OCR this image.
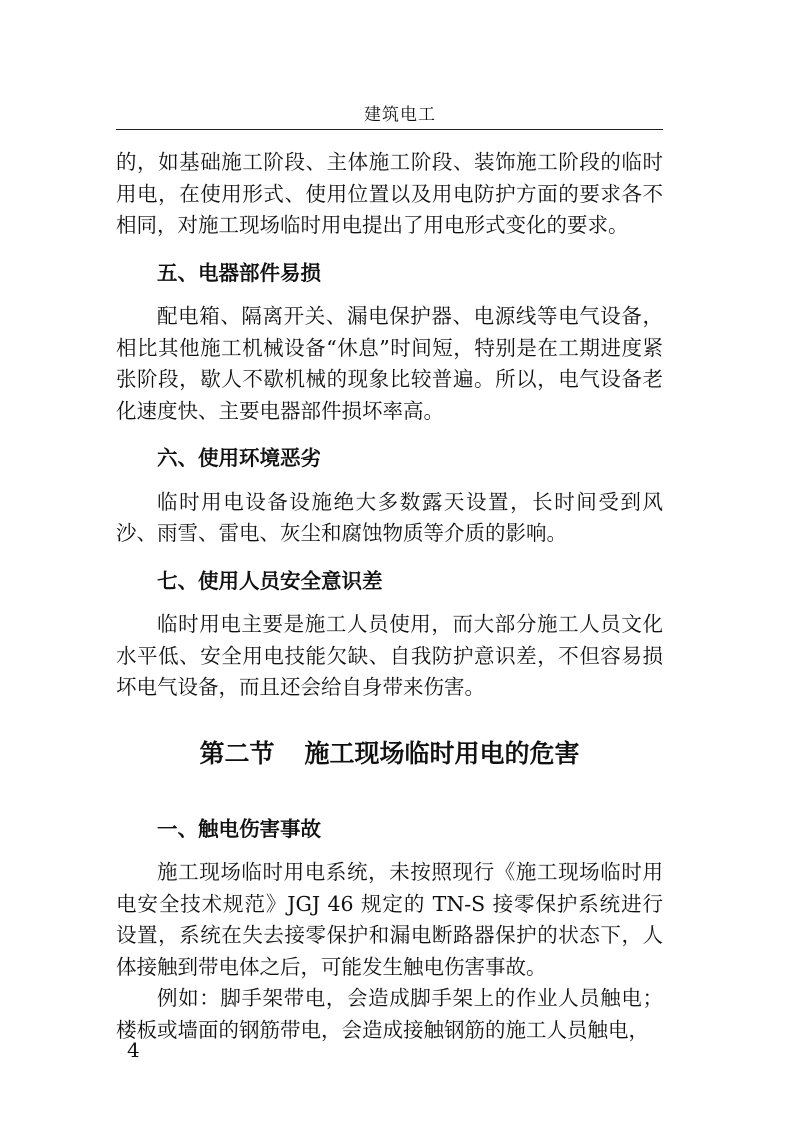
建筑电工

的，如基础施工阶段、主体施工阶段、装饰施工阶段的临时用电，在使用形式、使用位置以及用电防护方面的要求各不相同，对施工现场临时用电提出了用电形式变化的要求。

五、电器部件易损

配电箱、隔离开关、漏电保护器、电源线等电气设备，相比其他施工机械设备“休息”时间短，特别是在工期进度紧张阶段，歇人不歇机械的现象比较普遍。所以，电气设备老化速度快、主要电器部件损坏率高。

六、使用环境恶劣

临时用电设备设施绝大多数露天设置，长时间受到风沙、雨雪、雷电、灰尘和腐蚀物质等介质的影响。

七、使用人员安全意识差

临时用电主要是施工人员使用，而大部分施工人员文化水平低、安全用电技能欠缺、自我防护意识差，不但容易损坏电气设备，而且还会给自身带来伤害。

第二节 施工现场临时用电的危害
一、触电伤害事故

施工现场临时用电系统，未按照现行《施工现场临时用电安全技术规范》JGJ 46 规定的 TN-S 接零保护系统进行设置，系统在失去接零保护和漏电断路器保护的状态下，人体接触到带电体之后，可能发生触电伤害事故。

例如：脚手架带电，会造成脚手架上的作业人员触电；楼板或墙面的钢筋带电，会造成接触钢筋的施工人员触电，

4
